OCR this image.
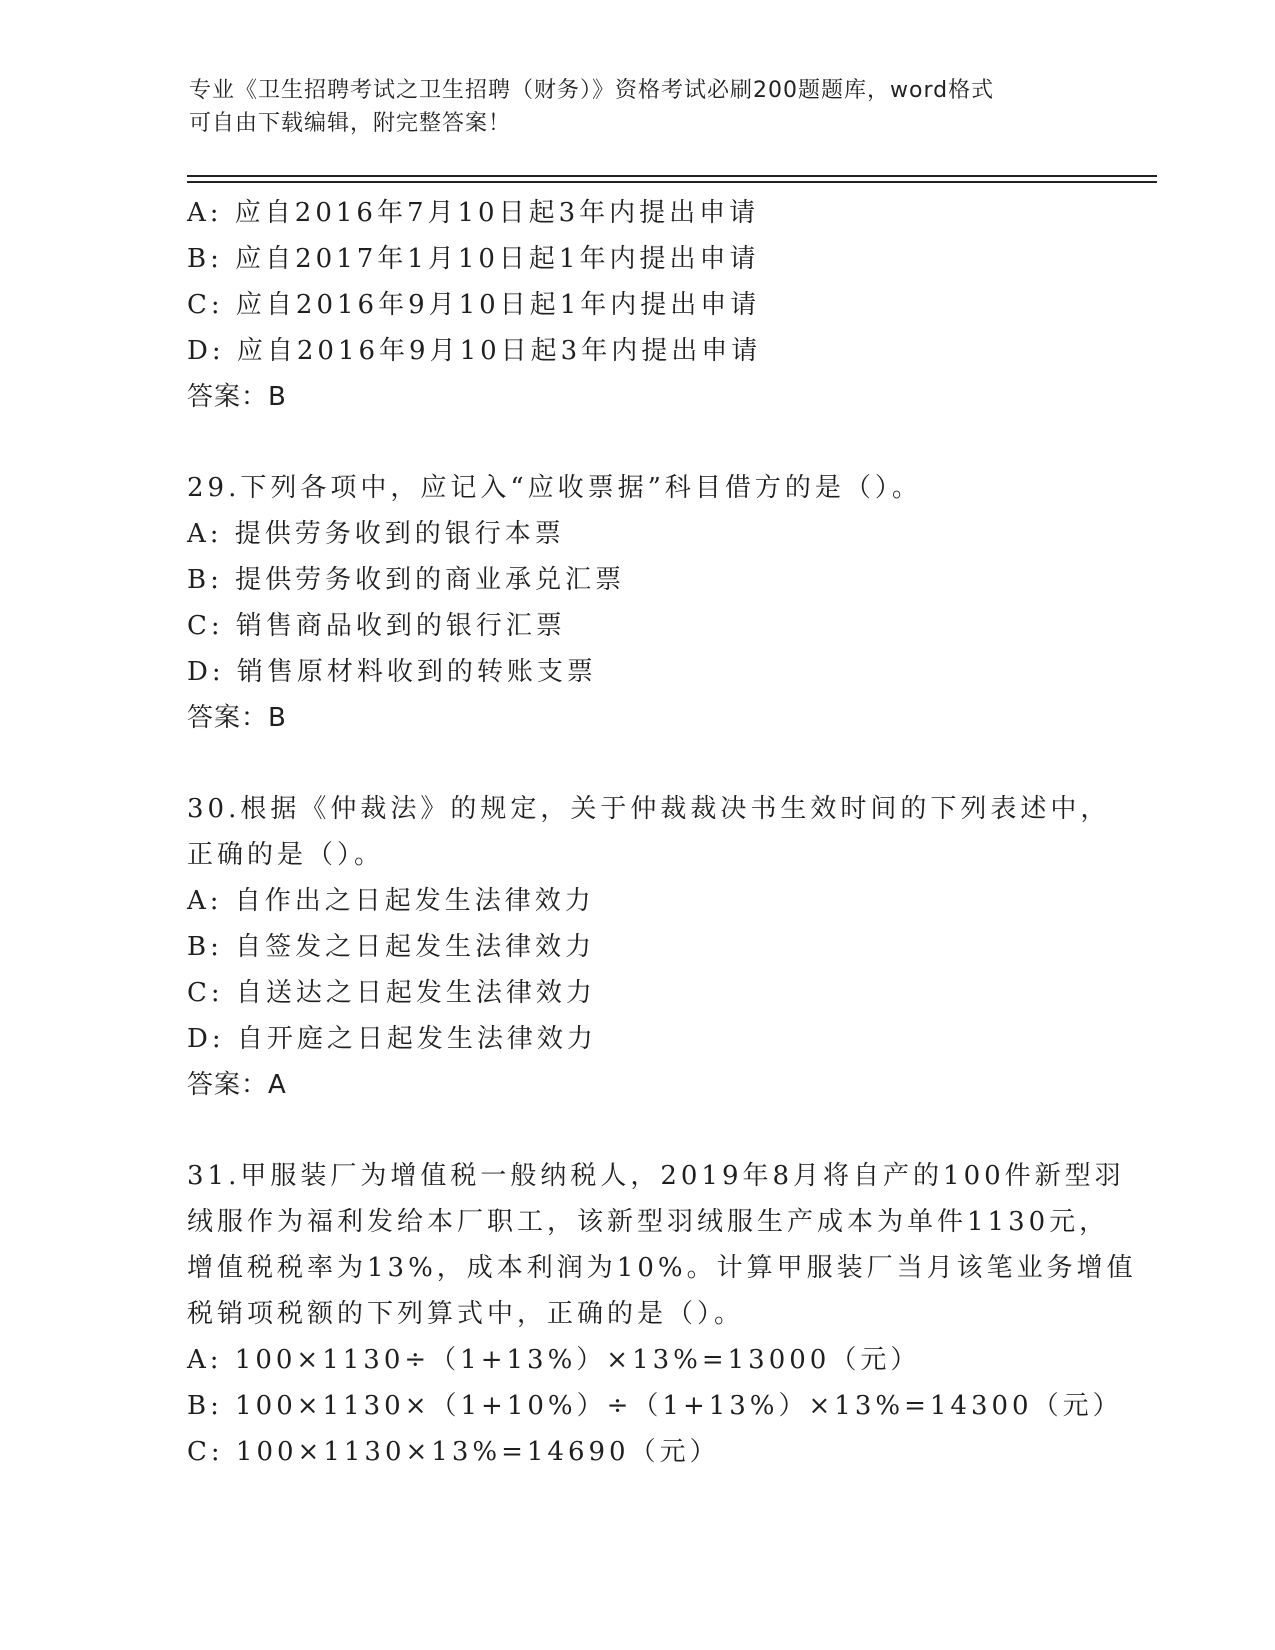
专业《卫生招聘考试之卫生招聘（财务）》资格考试必刷200题题库，word格式
可自由下载编辑，附完整答案！
A: 应自2016年7月10日起3年内提出申请
B: 应自2017年1月10日起1年内提出申请
C: 应自2016年9月10日起1年内提出申请
D: 应自2016年9月10日起3年内提出申请
答案：B
29.下列各项中，应记入“应收票据”科目借方的是（）。
A: 提供劳务收到的银行本票
B: 提供劳务收到的商业承兑汇票
C: 销售商品收到的银行汇票
D: 销售原材料收到的转账支票
答案：B
30.根据《仲裁法》的规定，关于仲裁裁决书生效时间的下列表述中，
正确的是（）。
A: 自作出之日起发生法律效力
B: 自签发之日起发生法律效力
C: 自送达之日起发生法律效力
D: 自开庭之日起发生法律效力
答案：A
31.甲服装厂为增值税一般纳税人，2019年8月将自产的100件新型羽
绒服作为福利发给本厂职工，该新型羽绒服生产成本为单件1130元，
增值税税率为13%，成本利润为10%。计算甲服装厂当月该笔业务增值
税销项税额的下列算式中，正确的是（）。
A: 100×1130÷（1+13%）×13%=13000（元）
B: 100×1130×（1+10%）÷（1+13%）×13%=14300（元）
C: 100×1130×13%=14690（元）
